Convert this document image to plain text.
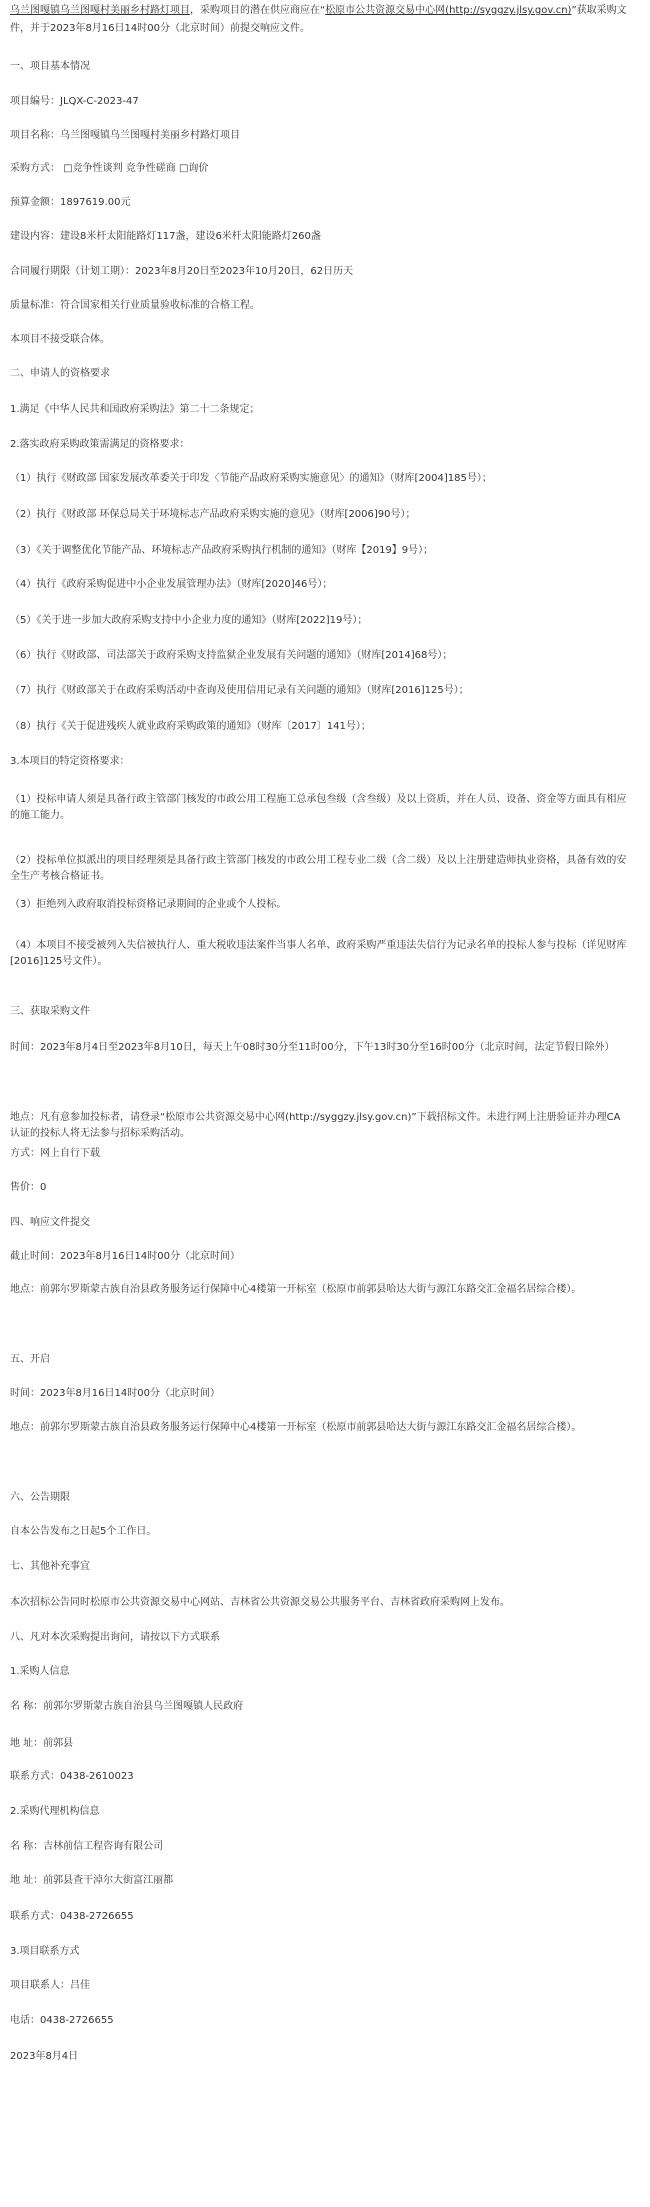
乌兰图嘎镇乌兰图嘎村美丽乡村路灯项目，采购项目的潜在供应商应在“松原市公共资源交易中心网(http://syggzy.jlsy.gov.cn)”获取采购文件，并于2023年8月16日14时00分（北京时间）前提交响应文件。

一、项目基本情况

项目编号：JLQX-C-2023-47

项目名称：乌兰图嘎镇乌兰图嘎村美丽乡村路灯项目

采购方式： □竞争性谈判 竞争性磋商 □询价

预算金额：1897619.00元

建设内容：建设8米杆太阳能路灯117盏，建设6米杆太阳能路灯260盏

合同履行期限（计划工期）：2023年8月20日至2023年10月20日，62日历天

质量标准：符合国家相关行业质量验收标准的合格工程。

本项目不接受联合体。

二、申请人的资格要求

1.满足《中华人民共和国政府采购法》第二十二条规定；

2.落实政府采购政策需满足的资格要求：

（1）执行《财政部 国家发展改革委关于印发〈节能产品政府采购实施意见〉的通知》（财库[2004]185号）；

（2）执行《财政部 环保总局关于环境标志产品政府采购实施的意见》（财库[2006]90号）；

（3）《关于调整优化节能产品、环境标志产品政府采购执行机制的通知》（财库【2019】9号）；

（4）执行《政府采购促进中小企业发展管理办法》（财库[2020]46号）；

（5）《关于进一步加大政府采购支持中小企业力度的通知》（财库[2022]19号）；

（6）执行《财政部、司法部关于政府采购支持监狱企业发展有关问题的通知》（财库[2014]68号）；

（7）执行《财政部关于在政府采购活动中查询及使用信用记录有关问题的通知》（财库[2016]125号）；

（8）执行《关于促进残疾人就业政府采购政策的通知》（财库〔2017〕141号）；

3.本项目的特定资格要求：

（1）投标申请人须是具备行政主管部门核发的市政公用工程施工总承包叁级（含叁级）及以上资质，并在人员、设备、资金等方面具有相应的施工能力。

（2）投标单位拟派出的项目经理须是具备行政主管部门核发的市政公用工程专业二级（含二级）及以上注册建造师执业资格，具备有效的安全生产考核合格证书。

（3）拒绝列入政府取消投标资格记录期间的企业或个人投标。

（4）本项目不接受被列入失信被执行人、重大税收违法案件当事人名单、政府采购严重违法失信行为记录名单的投标人参与投标（详见财库[2016]125号文件）。

三、获取采购文件

时间：2023年8月4日至2023年8月10日，每天上午08时30分至11时00分，下午13时30分至16时00分（北京时间，法定节假日除外）

地点：凡有意参加投标者，请登录“松原市公共资源交易中心网(http://syggzy.jlsy.gov.cn)”下载招标文件。未进行网上注册验证并办理CA认证的投标人将无法参与招标采购活动。

方式：网上自行下载

售价：0

四、响应文件提交

截止时间：2023年8月16日14时00分（北京时间）

地点：前郭尔罗斯蒙古族自治县政务服务运行保障中心4楼第一开标室（松原市前郭县哈达大街与源江东路交汇金福名居综合楼）。

五、开启

时间：2023年8月16日14时00分（北京时间）

地点：前郭尔罗斯蒙古族自治县政务服务运行保障中心4楼第一开标室（松原市前郭县哈达大街与源江东路交汇金福名居综合楼）。

六、公告期限

自本公告发布之日起5个工作日。

七、其他补充事宜

本次招标公告同时松原市公共资源交易中心网站、吉林省公共资源交易公共服务平台、吉林省政府采购网上发布。

八、凡对本次采购提出询问，请按以下方式联系

1.采购人信息

名 称：前郭尔罗斯蒙古族自治县乌兰图嘎镇人民政府

地 址：前郭县

联系方式：0438-2610023

2.采购代理机构信息

名 称：吉林前信工程咨询有限公司

地 址：前郭县查干淖尔大街富江丽都

联系方式：0438-2726655

3.项目联系方式

项目联系人：吕佳

电话：0438-2726655

2023年8月4日
